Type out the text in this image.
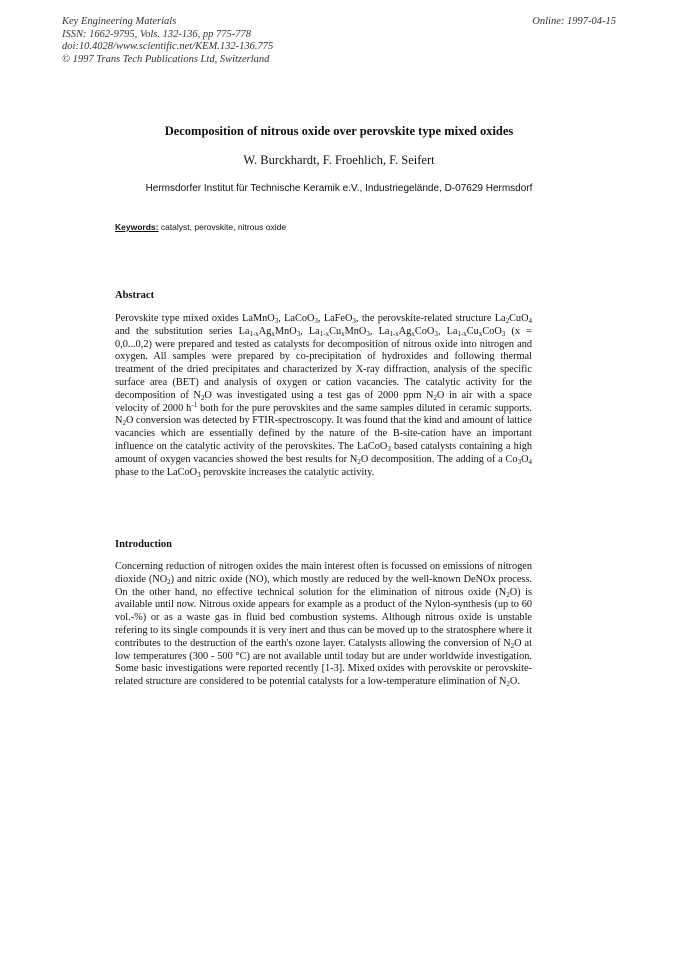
Key Engineering Materials
ISSN: 1662-9795, Vols. 132-136, pp 775-778
doi:10.4028/www.scientific.net/KEM.132-136.775
© 1997 Trans Tech Publications Ltd, Switzerland
Online: 1997-04-15
Decomposition of nitrous oxide over perovskite type mixed oxides
W. Burckhardt, F. Froehlich, F. Seifert
Hermsdorfer Institut für Technische Keramik e.V., Industriegelände, D-07629 Hermsdorf
Keywords: catalyst, perovskite, nitrous oxide
Abstract
Perovskite type mixed oxides LaMnO$_3$, LaCoO$_3$, LaFeO$_3$, the perovskite-related structure $La_2CuO_4$ and the substitution series $La_{1-x}Ag_xMnO_3$, $La_{1-x}Cu_xMnO_3$, $La_{1-x}Ag_xCoO_3$, $La_{1-x}Cu_xCoO_3$ (x = 0,0...0,2) were prepared and tested as catalysts for decomposition of nitrous oxide into nitrogen and oxygen. All samples were prepared by co-precipitation of hydroxides and following thermal treatment of the dried precipitates and characterized by X-ray diffraction, analysis of the specific surface area (BET) and analysis of oxygen or cation vacancies. The catalytic activity for the decomposition of $N_2O$ was investigated using a test gas of 2000 ppm $N_2O$ in air with a space velocity of 2000 $h^{-1}$ both for the pure perovskites and the same samples diluted in ceramic supports. $N_2O$ conversion was detected by FTIR-spectroscopy. It was found that the kind and amount of lattice vacancies which are essentially defined by the nature of the B-site-cation have an important influence on the catalytic activity of the perovskites. The LaCoO$_3$ based catalysts containing a high amount of oxygen vacancies showed the best results for $N_2O$ decomposition. The adding of a $Co_3O_4$ phase to the LaCoO$_3$ perovskite increases the catalytic activity.
Introduction
Concerning reduction of nitrogen oxides the main interest often is focussed on emissions of nitrogen dioxide $(NO_2)$ and nitric oxide (NO), which mostly are reduced by the well-known DeNOx process. On the other hand, no effective technical solution for the elimination of nitrous oxide $(N_2O)$ is available until now. Nitrous oxide appears for example as a product of the Nylon-synthesis (up to 60 vol.-%) or as a waste gas in fluid bed combustion systems. Although nitrous oxide is unstable refering to its single compounds it is very inert and thus can be moved up to the stratosphere where it contributes to the destruction of the earth's ozone layer. Catalysts allowing the conversion of $N_2O$ at low temperatures (300 - 500 °C) are not available until today but are under worldwide investigation. Some basic investigations were reported recently [1-3]. Mixed oxides with perovskite or perovskite-related structure are considered to be potential catalysts for a low-temperature elimination of $N_2O$.
